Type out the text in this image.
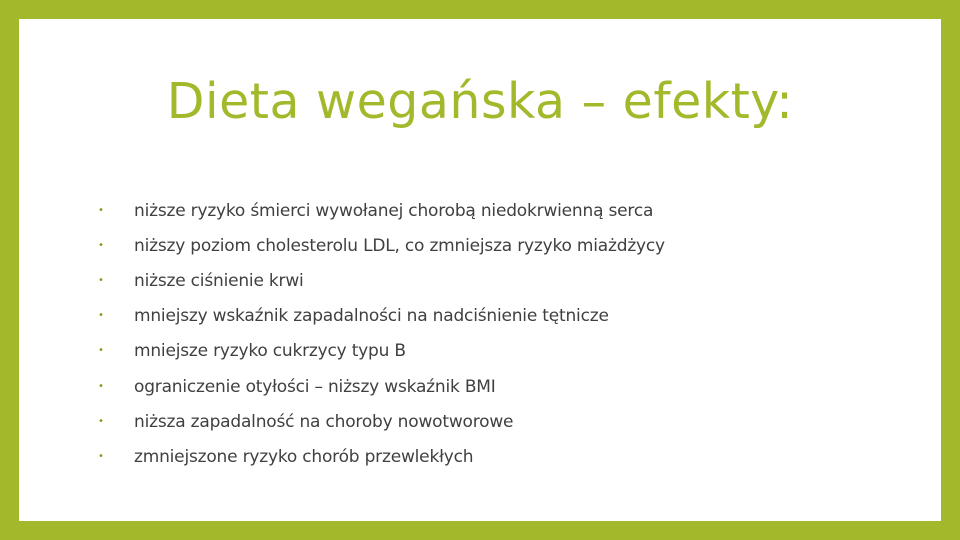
Dieta wegańska – efekty:
•	niższe ryzyko śmierci wywołanej chorobą niedokrwienną serca
•	niższy poziom cholesterolu LDL, co zmniejsza ryzyko miażdżycy
•	niższe ciśnienie krwi
•	mniejszy wskaźnik zapadalności na nadciśnienie tętnicze
•	mniejsze ryzyko cukrzycy typu B
•	ograniczenie otyłości – niższy wskaźnik BMI
•	niższa zapadalność na choroby nowotworowe
•	zmniejszone ryzyko chorób przewlekłych
